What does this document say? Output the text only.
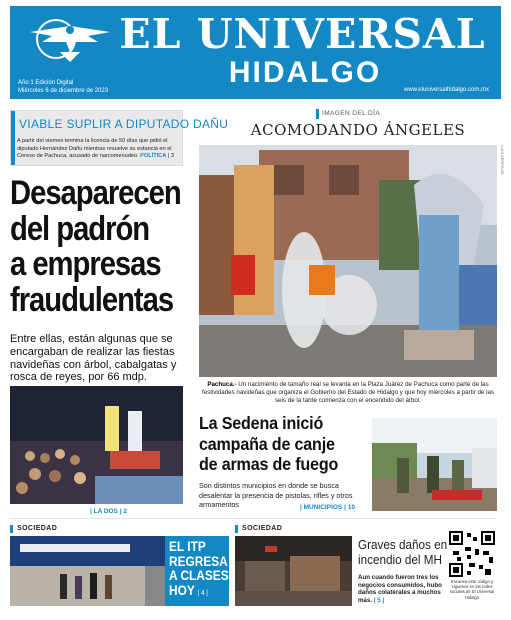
EL UNIVERSAL
HIDALGO
Año 1 Edición Digital
Miércoles 6 de diciembre de 2023	www.eluniversalhidalgo.com.mx
VIABLE SUPLIR A DIPUTADO DAÑU
A partir del viernes termina la licencia de 50 días que pidió el diputado Hernández Dañu mientras resuelve su estancia en el Cereso de Pachuca, acusado de narcomenudeo. POLÍTICA | 3
IMAGEN DEL DÍA
ACOMODANDO ÁNGELES
LUIS SERRANO
Pachuca.- Un nacimiento de tamaño real se levanta en la Plaza Juárez de Pachuca como parte de las festividades navideñas que organiza el Gobierno del Estado de Hidalgo y que hoy miércoles a partir de las seis de la tarde comienza con el encendido del árbol.
Desaparecen
del padrón
a empresas
fraudulentas
Entre ellas, están algunas que se encargaban de realizar las fiestas navideñas con árbol, cabalgatas y rosca de reyes, por 66 mdp.
| LA DOS | 2
La Sedena inició
campaña de canje
de armas de fuego
Son distintos municipios en donde se busca desalentar la presencia de pistolas, rifles y otros armamentos	| MUNICIPIOS | 10
SOCIEDAD	SOCIEDAD
EL ITP
REGRESA
A CLASES
HOY | 4 |
Graves daños en
incendio del MH
Aun cuando fueron tres los negocios consumidos, hubo daños colaterales a muchos más. | 5 |
Escanea este código y síguenos en las redes sociales de El Universal Hidalgo
